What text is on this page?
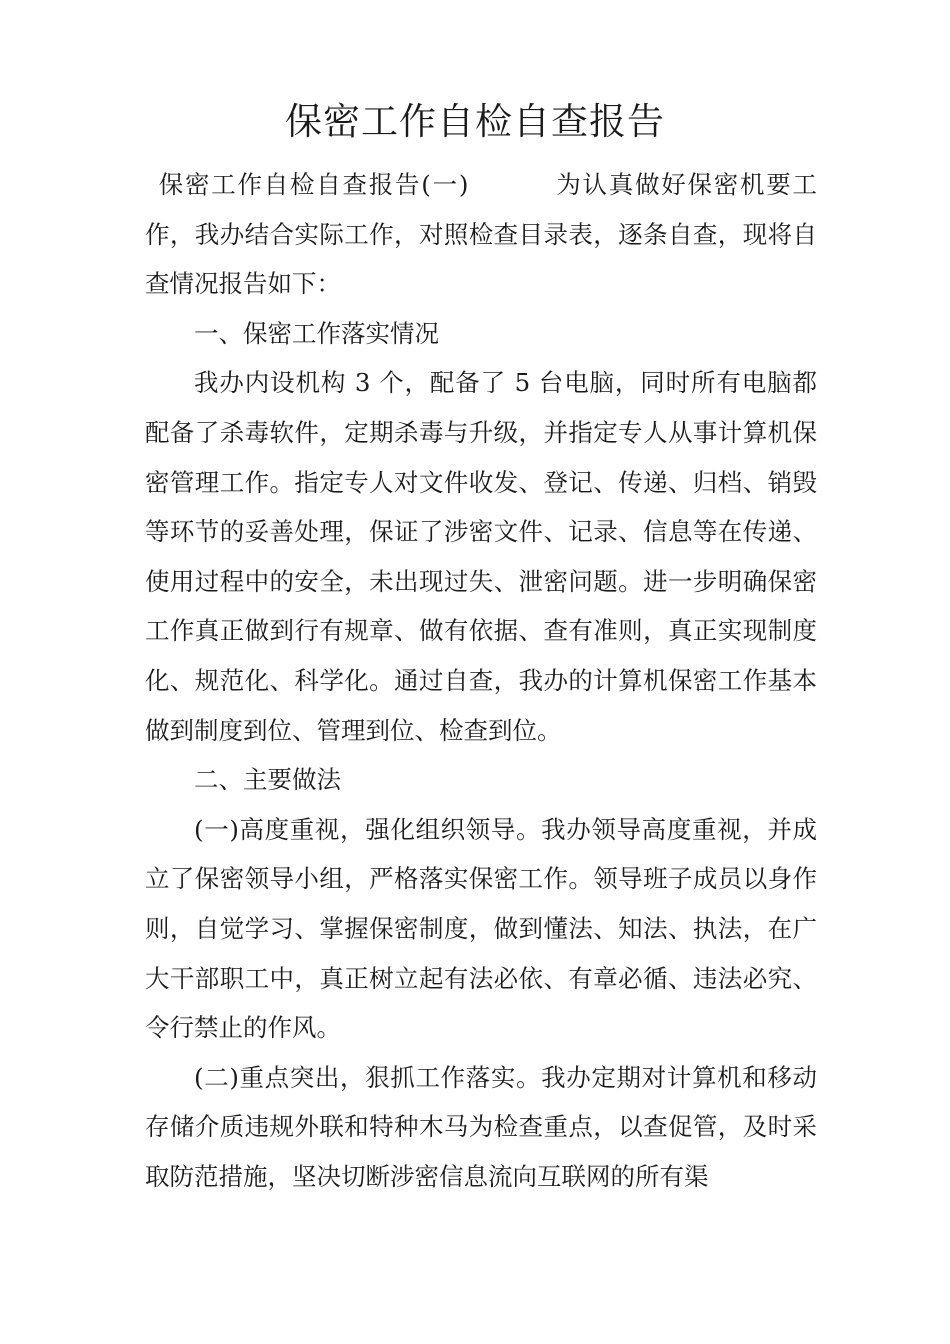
保密工作自检自查报告

保密工作自检自查报告(一)	为认真做好保密机要工作，我办结合实际工作，对照检查目录表，逐条自查，现将自查情况报告如下：

一、保密工作落实情况

我办内设机构 3 个，配备了 5 台电脑，同时所有电脑都配备了杀毒软件，定期杀毒与升级，并指定专人从事计算机保密管理工作。指定专人对文件收发、登记、传递、归档、销毁等环节的妥善处理，保证了涉密文件、记录、信息等在传递、使用过程中的安全，未出现过失、泄密问题。进一步明确保密工作真正做到行有规章、做有依据、查有准则，真正实现制度化、规范化、科学化。通过自查，我办的计算机保密工作基本做到制度到位、管理到位、检查到位。

二、主要做法

(一)高度重视，强化组织领导。我办领导高度重视，并成立了保密领导小组，严格落实保密工作。领导班子成员以身作则，自觉学习、掌握保密制度，做到懂法、知法、执法，在广大干部职工中，真正树立起有法必依、有章必循、违法必究、令行禁止的作风。

(二)重点突出，狠抓工作落实。我办定期对计算机和移动存储介质违规外联和特种木马为检查重点，以查促管，及时采取防范措施，坚决切断涉密信息流向互联网的所有渠
